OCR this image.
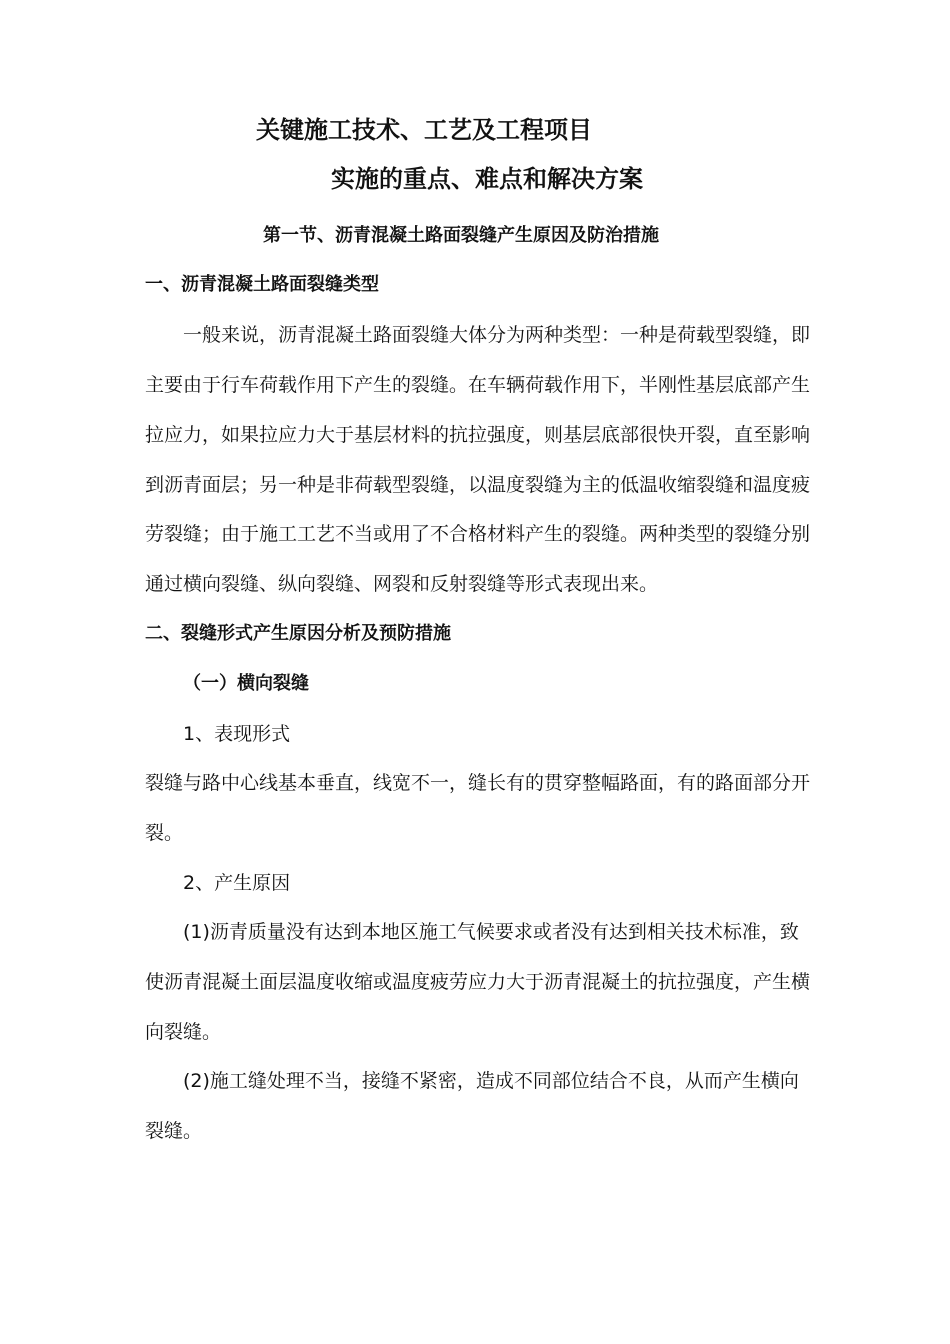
关键施工技术、工艺及工程项目
实施的重点、难点和解决方案
第一节、沥青混凝土路面裂缝产生原因及防治措施
一、沥青混凝土路面裂缝类型
一般来说，沥青混凝土路面裂缝大体分为两种类型：一种是荷载型裂缝，即
主要由于行车荷载作用下产生的裂缝。在车辆荷载作用下，半刚性基层底部产生
拉应力，如果拉应力大于基层材料的抗拉强度，则基层底部很快开裂，直至影响
到沥青面层；另一种是非荷载型裂缝，以温度裂缝为主的低温收缩裂缝和温度疲
劳裂缝；由于施工工艺不当或用了不合格材料产生的裂缝。两种类型的裂缝分别
通过横向裂缝、纵向裂缝、网裂和反射裂缝等形式表现出来。
二、裂缝形式产生原因分析及预防措施
（一）横向裂缝
1、表现形式
裂缝与路中心线基本垂直，线宽不一，缝长有的贯穿整幅路面，有的路面部分开
裂。
2、产生原因
(1)沥青质量没有达到本地区施工气候要求或者没有达到相关技术标准，致
使沥青混凝土面层温度收缩或温度疲劳应力大于沥青混凝土的抗拉强度，产生横
向裂缝。
(2)施工缝处理不当，接缝不紧密，造成不同部位结合不良，从而产生横向
裂缝。
